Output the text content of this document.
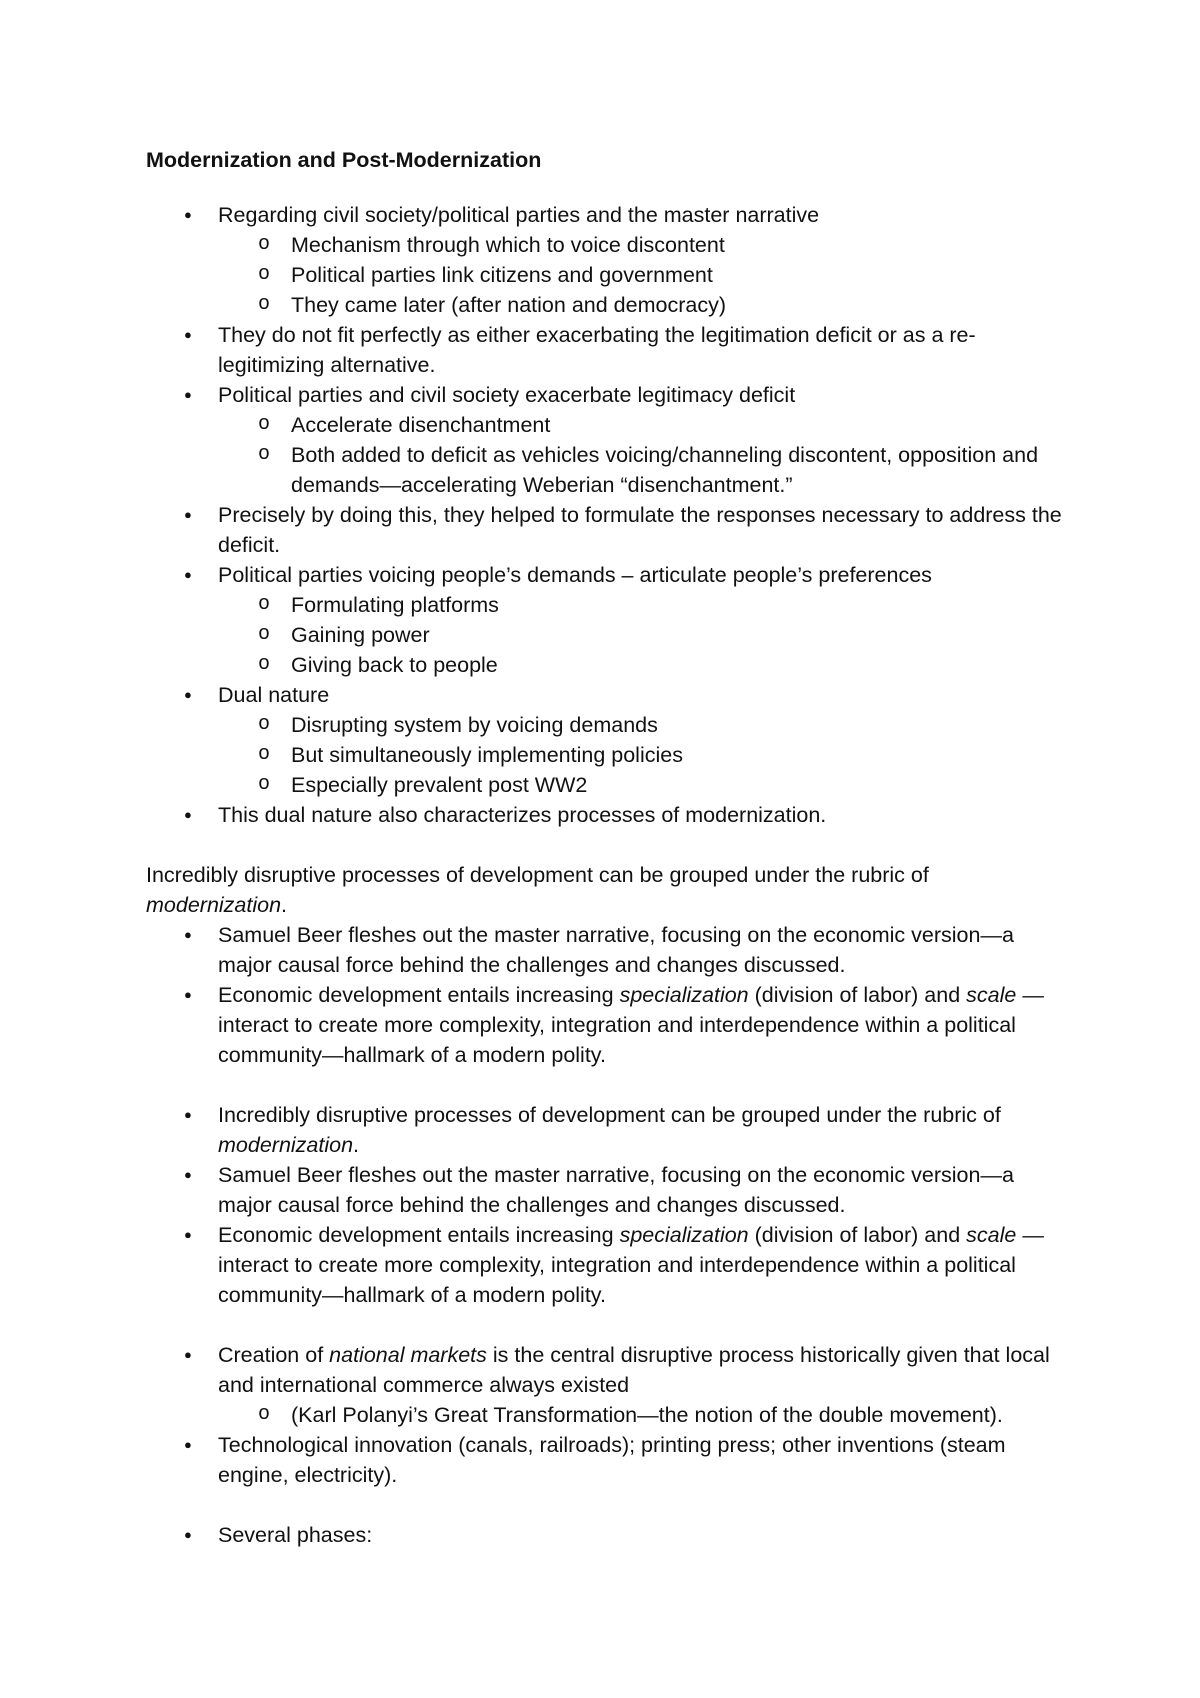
Modernization and Post-Modernization

● Regarding civil society/political parties and the master narrative
o Mechanism through which to voice discontent
o Political parties link citizens and government
o They came later (after nation and democracy)
● They do not fit perfectly as either exacerbating the legitimation deficit or as a re-legitimizing alternative.
● Political parties and civil society exacerbate legitimacy deficit
o Accelerate disenchantment
o Both added to deficit as vehicles voicing/channeling discontent, opposition and demands—accelerating Weberian “disenchantment.”
● Precisely by doing this, they helped to formulate the responses necessary to address the deficit.
● Political parties voicing people’s demands – articulate people’s preferences
o Formulating platforms
o Gaining power
o Giving back to people
● Dual nature
o Disrupting system by voicing demands
o But simultaneously implementing policies
o Especially prevalent post WW2
● This dual nature also characterizes processes of modernization.

Incredibly disruptive processes of development can be grouped under the rubric of modernization.

● Samuel Beer fleshes out the master narrative, focusing on the economic version—a major causal force behind the challenges and changes discussed.
● Economic development entails increasing specialization (division of labor) and scale —interact to create more complexity, integration and interdependence within a political community—hallmark of a modern polity.
● Incredibly disruptive processes of development can be grouped under the rubric of modernization.
● Samuel Beer fleshes out the master narrative, focusing on the economic version—a major causal force behind the challenges and changes discussed.
● Economic development entails increasing specialization (division of labor) and scale —interact to create more complexity, integration and interdependence within a political community—hallmark of a modern polity.
● Creation of national markets is the central disruptive process historically given that local and international commerce always existed
o (Karl Polanyi’s Great Transformation—the notion of the double movement).
● Technological innovation (canals, railroads); printing press; other inventions (steam engine, electricity).
● Several phases:
